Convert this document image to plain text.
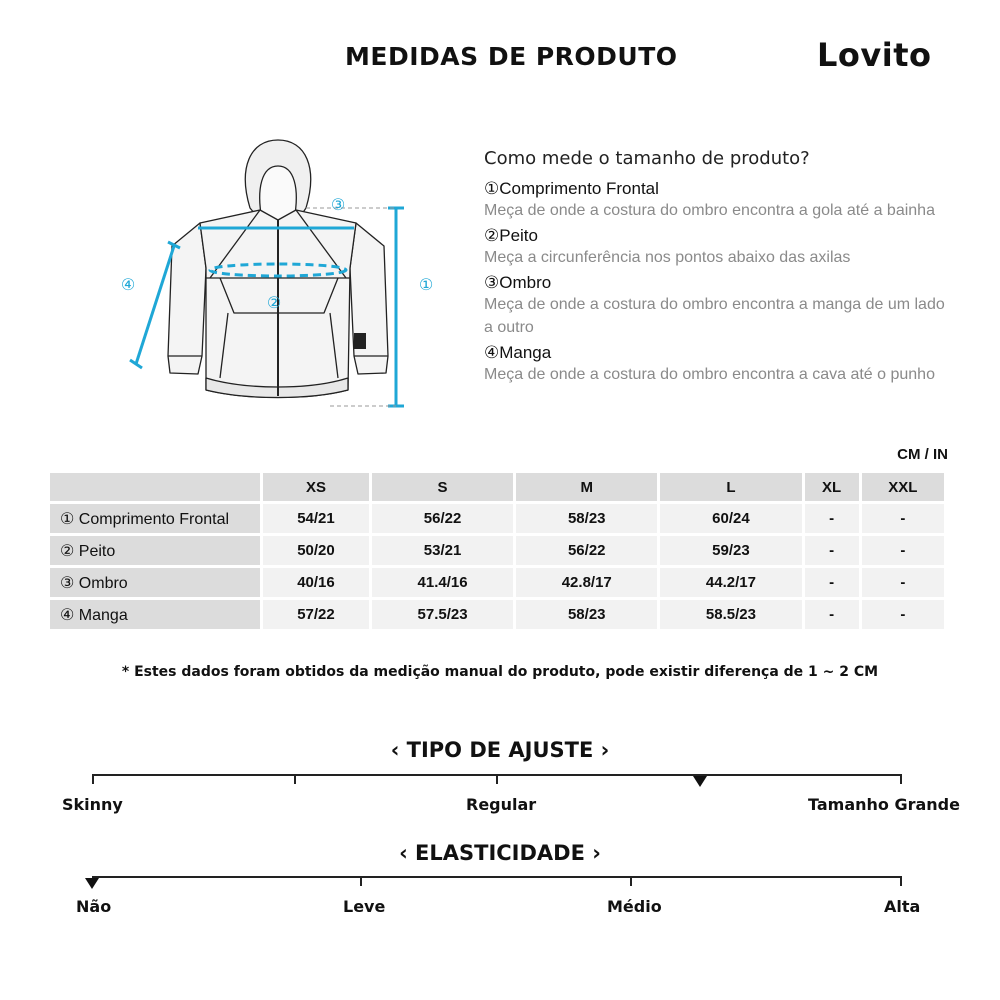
MEDIDAS DE PRODUTO	Lovito
③
②
①
④
Como mede o tamanho de produto?
①Comprimento Frontal
Meça de onde a costura do ombro encontra a gola até a bainha
②Peito
Meça a circunferência nos pontos abaixo das axilas
③Ombro
Meça de onde a costura do ombro encontra a manga de um lado a outro
④Manga
Meça de onde a costura do ombro encontra a cava até o punho
CM / IN
	XS	S	M	L	XL	XXL
① Comprimento Frontal	54/21	56/22	58/23	60/24	-	-
② Peito	50/20	53/21	56/22	59/23	-	-
③ Ombro	40/16	41.4/16	42.8/17	44.2/17	-	-
④ Manga	57/22	57.5/23	58/23	58.5/23	-	-
* Estes dados foram obtidos da medição manual do produto, pode existir diferença de 1 ~ 2 CM
‹ TIPO DE AJUSTE ›
Skinny	Regular	Tamanho Grande
‹ ELASTICIDADE ›
Não	Leve	Médio	Alta
